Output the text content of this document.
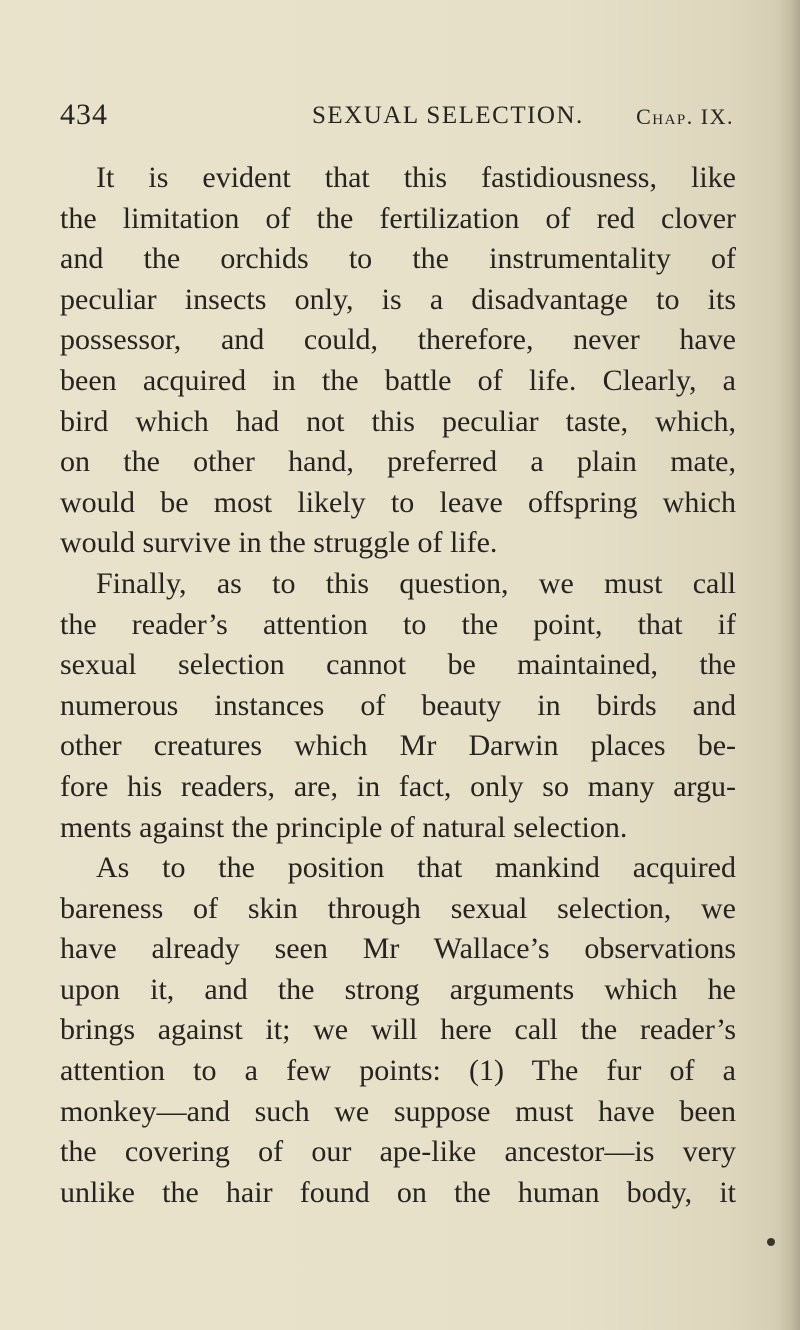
434	SEXUAL SELECTION. Chap. IX.
It is evident that this fastidiousness, like
the limitation of the fertilization of red clover
and the orchids to the instrumentality of
peculiar insects only, is a disadvantage to its
possessor, and could, therefore, never have
been acquired in the battle of life. Clearly, a
bird which had not this peculiar taste, which,
on the other hand, preferred a plain mate,
would be most likely to leave offspring which
would survive in the struggle of life.
Finally, as to this question, we must call
the reader’s attention to the point, that if
sexual selection cannot be maintained, the
numerous instances of beauty in birds and
other creatures which Mr Darwin places be-
fore his readers, are, in fact, only so many argu-
ments against the principle of natural selection.
As to the position that mankind acquired
bareness of skin through sexual selection, we
have already seen Mr Wallace’s observations
upon it, and the strong arguments which he
brings against it; we will here call the reader’s
attention to a few points: (1) The fur of a
monkey—and such we suppose must have been
the covering of our ape-like ancestor—is very
unlike the hair found on the human body, it
